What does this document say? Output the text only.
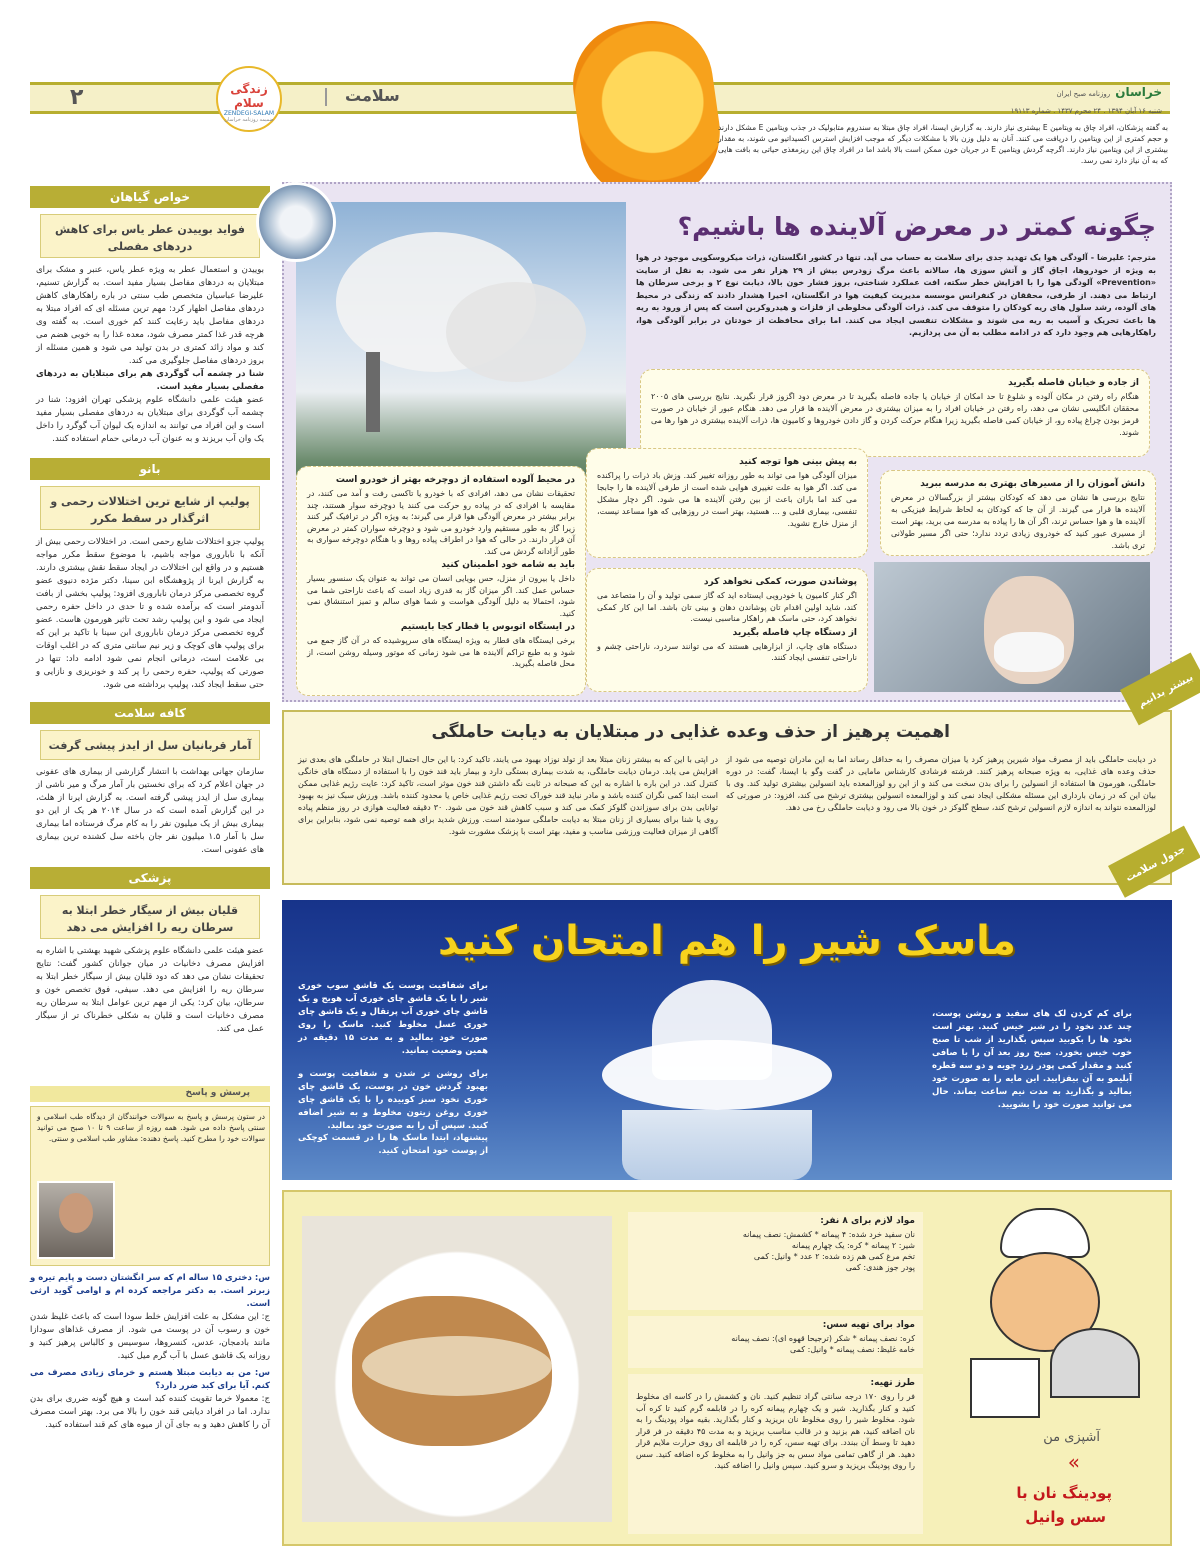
۲	زندگی سلام
ZENDEGI-SALAM
ضمیمه روزنامه خراسان
سلامت	خراسان روزنامه صبح ایران
شنبه ۱۶ آبان ۱۳۹۴ . ۲۴ محرم ۱۴۳۷ . شماره ۱۹۱۱۳
به گفته پزشکان، افراد چاق به ویتامین E بیشتری نیاز دارند. به گزارش ایسنا، افراد چاق مبتلا به سندروم متابولیک در جذب ویتامین E مشکل دارند و حجم کمتری از این ویتامین را دریافت می کنند. آنان به دلیل وزن بالا با مشکلات دیگر که موجب افزایش استرس اکسیداتیو می شوند، به مقدار بیشتری از این ویتامین نیاز دارند. اگرچه گردش ویتامین E در جریان خون ممکن است بالا باشد اما در افراد چاق این ریزمغذی حیاتی به بافت هایی که به آن نیاز دارد نمی رسد.
خواص گیاهان
فواید بوییدن عطر یاس برای کاهش دردهای مفصلی
بوییدن و استعمال عطر به ویژه عطر یاس، عنبر و مشک برای مبتلایان به دردهای مفاصل بسیار مفید است. به گزارش تسنیم، علیرضا عباسیان متخصص طب سنتی در باره راهکارهای کاهش دردهای مفاصل اظهار کرد: مهم ترین مسئله ای که افراد مبتلا به دردهای مفاصل باید رعایت کنند کم خوری است. به گفته وی هرچه قدر غذا کمتر مصرف شود، معده غذا را به خوبی هضم می کند و مواد زائد کمتری در بدن تولید می شود و همین مسئله از بروز دردهای مفاصل جلوگیری می کند.
شنا در چشمه آب گوگردی هم برای مبتلایان به دردهای مفصلی بسیار مفید است.
عضو هیئت علمی دانشگاه علوم پزشکی تهران افزود: شنا در چشمه آب گوگردی برای مبتلایان به دردهای مفصلی بسیار مفید است و این افراد می توانند به اندازه یک لیوان آب گوگرد را داخل یک وان آب بریزند و به عنوان آب درمانی حمام استفاده کنند.
بانو
پولیپ از شایع ترین اختلالات رحمی و اثرگذار در سقط مکرر
پولیپ جزو اختلالات شایع رحمی است. در اختلالات رحمی بیش از آنکه با ناباروری مواجه باشیم، با موضوع سقط مکرر مواجه هستیم و در واقع این اختلالات در ایجاد سقط نقش بیشتری دارند. به گزارش ایرنا از پژوهشگاه ابن سینا، دکتر مژده دنیوی عضو گروه تخصصی مرکز درمان ناباروری افزود: پولیپ بخشی از بافت آندومتر است که برآمده شده و تا حدی در داخل حفره رحمی ایجاد می شود و این پولیپ رشد تحت تاثیر هورمون هاست. عضو گروه تخصصی مرکز درمان ناباروری ابن سینا با تاکید بر این که برای پولیپ های کوچک و زیر نیم سانتی متری که در اغلب اوقات بی علامت است، درمانی انجام نمی شود ادامه داد: تنها در صورتی که پولیپ، حفره رحمی را پر کند و خونریزی و نازایی و حتی سقط ایجاد کند، پولیپ برداشته می شود.
کافه سلامت
آمار قربانیان سل از ایدز پیشی گرفت
سازمان جهانی بهداشت با انتشار گزارشی از بیماری های عفونی در جهان اعلام کرد که برای نخستین بار آمار مرگ و میر ناشی از بیماری سل از ایدز پیشی گرفته است. به گزارش ایرنا از هلث، در این گزارش آمده است که در سال ۲۰۱۴ هر یک از این دو بیماری بیش از یک میلیون نفر را به کام مرگ فرستاده اما بیماری سل با آمار ۱.۵ میلیون نفر جان باخته سل کشنده ترین بیماری های عفونی است.
پزشکی
قلیان بیش از سیگار خطر ابتلا به سرطان ریه را افزایش می دهد
عضو هیئت علمی دانشگاه علوم پزشکی شهید بهشتی با اشاره به افزایش مصرف دخانیات در میان جوانان کشور گفت: نتایج تحقیقات نشان می دهد که دود قلیان بیش از سیگار خطر ابتلا به سرطان ریه را افزایش می دهد. سیفی، فوق تخصص خون و سرطان، بیان کرد: یکی از مهم ترین عوامل ابتلا به سرطان ریه مصرف دخانیات است و قلیان به شکلی خطرناک تر از سیگار عمل می کند.
پرسش و پاسخ
در ستون پرسش و پاسخ به سوالات خوانندگان از دیدگاه طب اسلامی و سنتی پاسخ داده می شود. همه روزه از ساعت ۹ تا ۱۰ صبح می توانید سوالات خود را مطرح کنید. پاسخ دهنده: مشاور طب اسلامی و سنتی.
س: دختری ۱۵ ساله ام که سر انگشتان دست و پایم تیره و زبرتر است. به دکتر مراجعه کرده ام و اوامی گوید ارثی است.
ج: این مشکل به علت افزایش خلط سودا است که باعث غلیظ شدن خون و رسوب آن در پوست می شود. از مصرف غذاهای سودازا مانند بادمجان، عدس، کنسروها، سوسیس و کالباس پرهیز کنید و روزانه یک قاشق عسل با آب گرم میل کنید.
س: من به دیابت مبتلا هستم و خرمای زیادی مصرف می کنم. آیا برای کبد ضرر دارد؟
ج: معمولا خرما تقویت کننده کبد است و هیچ گونه ضرری برای بدن ندارد. اما در افراد دیابتی قند خون را بالا می برد. بهتر است مصرف آن را کاهش دهید و به جای آن از میوه های کم قند استفاده کنید.
چگونه کمتر در معرض آلاینده ها باشیم؟
مترجم: علیرضا - آلودگی هوا یک تهدید جدی برای سلامت به حساب می آید. تنها در کشور انگلستان، ذرات میکروسکوپی موجود در هوا به ویژه از خودروها، اجاق گاز و آتش سوزی ها، سالانه باعث مرگ زودرس بیش از ۲۹ هزار نفر می شود. به نقل از سایت «Prevention» آلودگی هوا را با افزایش خطر سکته، افت عملکرد شناختی، بروز فشار خون بالا، دیابت نوع ۲ و برخی سرطان ها ارتباط می دهند. از طرفی، محققان در کنفرانس موسسه مدیریت کیفیت هوا در انگلستان، اخیرا هشدار دادند که زندگی در محیط های آلوده، رشد سلول های ریه کودکان را متوقف می کند. ذرات آلودگی مخلوطی از فلزات و هیدروکربن است که پس از ورود به ریه ها باعث تحریک و آسیب به ریه می شوند و مشکلات تنفسی ایجاد می کنند. اما برای محافظت از خودتان در برابر آلودگی هوا، راهکارهایی هم وجود دارد که در ادامه مطلب به آن می پردازیم.
از جاده و خیابان فاصله بگیرید
هنگام راه رفتن در مکان آلوده و شلوغ تا حد امکان از خیابان یا جاده فاصله بگیرید تا در معرض دود اگزوز قرار نگیرید. نتایج بررسی های ۲۰۰۵ محققان انگلیسی نشان می دهد، راه رفتن در خیابان افراد را به میزان بیشتری در معرض آلاینده ها قرار می دهد. هنگام عبور از خیابان در صورت قرمز بودن چراغ پیاده رو، از خیابان کمی فاصله بگیرید زیرا هنگام حرکت کردن و گاز دادن خودروها و کامیون ها، ذرات آلاینده بیشتری در هوا رها می شوند.
دانش آموزان را از مسیرهای بهتری به مدرسه ببرید
نتایج بررسی ها نشان می دهد که کودکان بیشتر از بزرگسالان در معرض آلاینده ها قرار می گیرند. از آن جا که کودکان به لحاظ شرایط فیزیکی به آلاینده ها و هوا حساس ترند، اگر آن ها را پیاده به مدرسه می برید، بهتر است از مسیری عبور کنید که خودروی زیادی تردد ندارد؛ حتی اگر مسیر طولانی تری باشد.
به پیش بینی هوا توجه کنید
میزان آلودگی هوا می تواند به طور روزانه تغییر کند. وزش باد ذرات را پراکنده می کند. اگر هوا به علت تغییری هوایی شده است از طرفی آلاینده ها را جابجا می کند اما باران باعث از بین رفتن آلاینده ها می شود. اگر دچار مشکل تنفسی، بیماری قلبی و ... هستید، بهتر است در روزهایی که هوا مساعد نیست، از منزل خارج نشوید.
در محیط آلوده استفاده از دوچرخه بهتر از خودرو است
تحقیقات نشان می دهد، افرادی که با خودرو یا تاکسی رفت و آمد می کنند، در مقایسه با افرادی که در پیاده رو حرکت می کنند یا دوچرخه سوار هستند، چند برابر بیشتر در معرض آلودگی هوا قرار می گیرند؛ به ویژه اگر در ترافیک گیر کنند زیرا گاز به طور مستقیم وارد خودرو می شود و دوچرخه سواران کمتر در معرض آن قرار دارند. در حالی که هوا در اطراف پیاده روها و با هنگام دوچرخه سواری به طور آزادانه گردش می کند.
باید به شامه خود اطمینان کنید
داخل یا بیرون از منزل، حس بویایی انسان می تواند به عنوان یک سنسور بسیار حساس عمل کند. اگر میزان گاز به قدری زیاد است که باعث ناراحتی شما می شود، احتمالا به دلیل آلودگی هواست و شما هوای سالم و تمیز استنشاق نمی کنید.
در ایستگاه اتوبوس یا قطار کجا بایستیم
برخی ایستگاه های قطار به ویژه ایستگاه های سرپوشیده که در آن گاز جمع می شود و به طبع تراکم آلاینده ها می شود زمانی که موتور وسیله روشن است، از محل فاصله بگیرید.
پوشاندن صورت، کمکی نخواهد کرد
اگر کنار کامیون یا خودرویی ایستاده اید که گاز سمی تولید و آن را متصاعد می کند، شاید اولین اقدام تان پوشاندن دهان و بینی تان باشد. اما این کار کمکی نخواهد کرد، حتی ماسک هم راهکار مناسبی نیست.
از دستگاه چاپ فاصله بگیرید
دستگاه های چاپ، از ابزارهایی هستند که می توانند سردرد، ناراحتی چشم و ناراحتی تنفسی ایجاد کنند.
اهمیت پرهیز از حذف وعده غذایی در مبتلایان به دیابت حاملگی
در دیابت حاملگی باید از مصرف مواد شیرین پرهیز کرد یا میزان مصرف را به حداقل رساند اما به این مادران توصیه می شود از حذف وعده های غذایی، به ویژه صبحانه پرهیز کنند. فرشته فرشادی کارشناس مامایی در گفت وگو با ایسنا، گفت: در دوره حاملگی، هورمون ها استفاده از انسولین را برای بدن سخت می کند و از این رو لوزالمعده باید انسولین بیشتری تولید کند. وی با بیان این که در زمان بارداری این مسئله مشکلی ایجاد نمی کند و لوزالمعده انسولین بیشتری ترشح می کند، افزود: در صورتی که لوزالمعده نتواند به اندازه لازم انسولین ترشح کند، سطح گلوکز در خون بالا می رود و دیابت حاملگی رخ می دهد.
در اپتی با این که به بیشتر زنان مبتلا بعد از تولد نوزاد بهبود می یابند، تاکید کرد: با این حال احتمال ابتلا در حاملگی های بعدی نیز افزایش می یابد. درمان دیابت حاملگی، به شدت بیماری بستگی دارد و بیمار باید قند خون را با استفاده از دستگاه های خانگی کنترل کند. در این باره با اشاره به این که صبحانه در ثابت نگه داشتن قند خون موثر است، تاکید کرد: عایت رژیم غذایی ممکن است ابتدا کمی نگران کننده باشد و مادر نباید قند خوراک تحت رژیم غذایی خاص یا محدود کننده باشد. ورزش سبک نیز به بهبود توانایی بدن برای سوزاندن گلوکز کمک می کند و سبب کاهش قند خون می شود. ۳۰ دقیقه فعالیت هوازی در روز منظم پیاده روی یا شنا برای بسیاری از زنان مبتلا به دیابت حاملگی سودمند است. ورزش شدید برای همه توصیه نمی شود، بنابراین برای آگاهی از میزان فعالیت ورزشی مناسب و مفید، بهتر است با پزشک مشورت شود.
بیشتر بدانیم
ماسک شیر را هم امتحان کنید
برای شفافیت پوست یک قاشق سوپ خوری شیر را با یک قاشق چای خوری آب هویج و یک قاشق چای خوری آب پرتقال و یک قاشق چای خوری عسل مخلوط کنید. ماسک را روی صورت خود بمالید و به مدت ۱۵ دقیقه در همین وضعیت بمانید.
برای روشن تر شدن و شفافیت پوست و بهبود گردش خون در پوست، یک قاشق چای خوری نخود سبز کوبیده را با یک قاشق چای خوری روغن زیتون مخلوط و به شیر اضافه کنید. سپس آن را به صورت خود بمالید.
پیشنهاد، ابتدا ماسک ها را در قسمت کوچکی از پوست خود امتحان کنید.
برای کم کردن لک های سفید و روشن پوست، چند عدد نخود را در شیر خیس کنید. بهتر است نخود ها را بکوبید سپس بگذارید از شب تا صبح خوب خیس بخورد. صبح روز بعد آن را با صافی کنید و مقدار کمی پودر زرد چوبه و دو سه قطره آبلیمو به آن بیفزایید. این مایه را به صورت خود بمالید و بگذارید به مدت نیم ساعت بماند. حال می توانید صورت خود را بشویید.
جدول سلامت
مواد لازم برای ۸ نفر:
نان سفید خرد شده: ۴ پیمانه * کشمش: نصف پیمانه
شیر: ۲ پیمانه * کره: یک چهارم پیمانه
تخم مرغ کمی هم زده شده: ۲ عدد * وانیل: کمی
پودر جوز هندی: کمی
مواد برای تهیه سس:
کره: نصف پیمانه * شکر (ترجیحا قهوه ای): نصف پیمانه
خامه غلیظ: نصف پیمانه * وانیل: کمی
طرز تهیه:
فر را روی ۱۷۰ درجه سانتی گراد تنظیم کنید. نان و کشمش را در کاسه ای مخلوط کنید و کنار بگذارید. شیر و یک چهارم پیمانه کره را در قابلمه گرم کنید تا کره آب شود. مخلوط شیر را روی مخلوط نان بریزید و کنار بگذارید. بقیه مواد پودینگ را به نان اضافه کنید، هم بزنید و در قالب مناسب بریزید و به مدت ۴۵ دقیقه در فر قرار دهید تا وسط آن ببندد. برای تهیه سس، کره را در قابلمه ای روی حرارت ملایم قرار دهید. هر از گاهی تمامی مواد سس به جز وانیل را به مخلوط کره اضافه کنید. سس را روی پودینگ بریزید و سرو کنید. سپس وانیل را اضافه کنید.
آشپزی من
»
پودینگ نان با
سس وانیل
